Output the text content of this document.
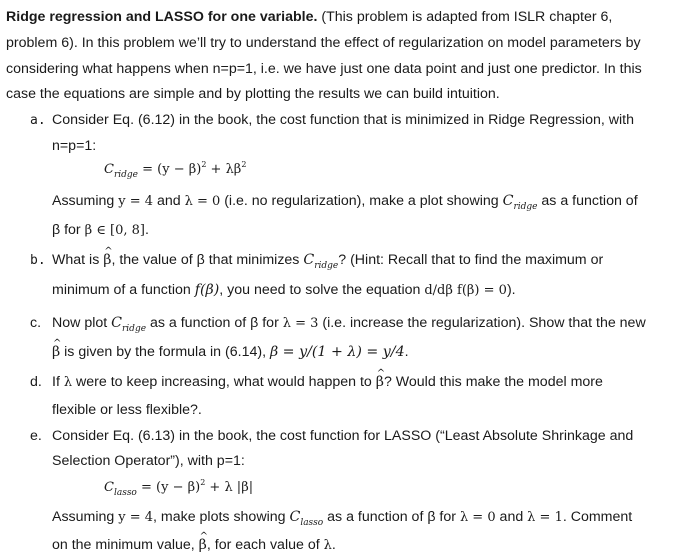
Ridge regression and LASSO for one variable. (This problem is adapted from ISLR chapter 6,
problem 6). In this problem we’ll try to understand the effect of regularization on model parameters by
considering what happens when n=p=1, i.e. we have just one data point and just one predictor. In this
case the equations are simple and by plotting the results we can build intuition.
a. Consider Eq. (6.12) in the book, the cost function that is minimized in Ridge Regression, with
n=p=1:
$C_{ridge} = (y - \beta)^2 + \lambda\beta^2$
Assuming y = 4 and λ = 0 (i.e. no regularization), make a plot showing $C_{ridge}$ as a function of
β for β ∈ [0, 8].
b. What is ^ β, the value of β that minimizes $C_{ridge}$? (Hint: Recall that to find the maximum or
minimum of a function f(β), you need to solve the equation d/dβ f(β) = 0).
c. Now plot $C_{ridge}$ as a function of β for λ = 3 (i.e. increase the regularization). Show that the new
^ β is given by the formula in (6.14), β = y/(1 + λ) = y/4.
d. If λ were to keep increasing, what would happen to ^ β? Would this make the model more
flexible or less flexible?.
e. Consider Eq. (6.13) in the book, the cost function for LASSO (“Least Absolute Shrinkage and
Selection Operator”), with p=1:
$C_{lasso} = (y - \beta)^2 + \lambda$ |β|
Assuming y = 4, make plots showing $C_{lasso}$ as a function of β for λ = 0 and λ = 1. Comment
on the minimum value, ^ β, for each value of λ.
